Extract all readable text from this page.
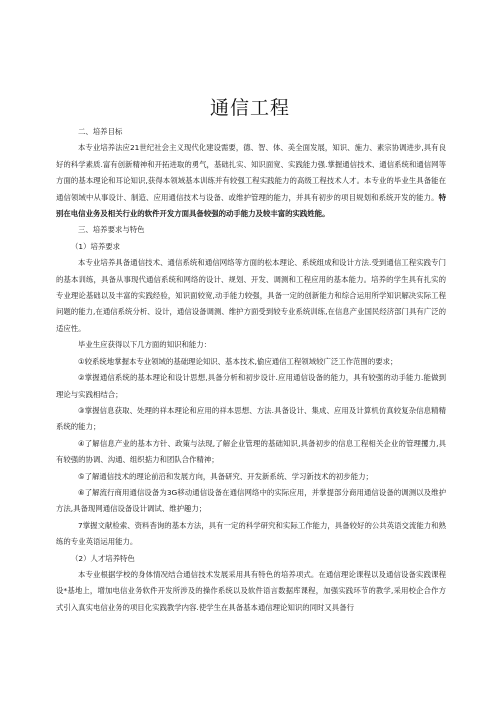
通信工程

二、培养目标

本专业培养法应21世纪社会主义现代化建设需要，德、智、体、美全面发展，知识、施力、素宗协调进步,具有良好的科学素质.富有创新精神和开拓进取的勇气，基础扎实、知识面宽、实践能力强.掌握通信技术、通信系统和通信网等方面的基本理论和耳论知识,获得本领域基本训练并有较强工程实践能力的高级工程技术人才。本专业的毕业生具备能在通信领域中从事设计、制造、应用通信技术与设备、或维护管理的能力，并具有初步的项目规划和系统开发的能力。特别在电信业务及相关行业的软件开发方面具备较强的动手能力及较丰富的实践姓能。

三、培养要求与特色

（1）培养要求

本专业培养具备通信技术、通信系统和通信网络等方面的松本理论、系统组成和设计方法.受到通信工程实践专门的基本训练，具备从事现代通信系统和网络的设计、规划、开发、调测和工程应用的基本能力。培养的学生具有扎实的专业理论基础以及丰富的实践经验，知识面较宽,动手能力较强，具备一定的创新能力和综合运用所学知识解决实际工程问题的能力,在通信系统分析、设计，通信设备调测、维护方面受到较专业系统训练,在信息产业国民经济部门具有广泛的适应性。

毕业生应获得以下几方面的知识和能力：

①较系统地掌握本专业领域的基础理论知识、基本技术,偷应通信工程领域较广泛工作范围的要求；

②掌握通信系统的基本理论和设计思想,具备分析和初步设计.应用通信设备的能力，具有较强的动手能力.能做到理论与实践相结合；

③掌握信息获取、处理的祥本理论和应用的祥本思想、方法.具备设计、集成、应用及计算机仿真较复杂信息精精系统的能力；

④了解信息产业的基本方针、政策与法现,了解企业管理的基础知识,具备初步的信息工程相关企业的管理攫力,具有较强的协调、沟通、组织掂力和团队合作精神；

⑤了解通信技术的理论前沿和发展方向，具备研究、开发新系统、学习新技术的初步能力；

⑥了解流行商用通信设备为3G移动通信设备在通信网络中的实际应用，并掌提部分商用通信设备的调测以及维护方法,具备现网通信设备设计调试、维护趣力；

7掌握文献检索、资料杳询的基本方法，具有一定的科学研究和实际工作能力，具备较好的公共英语交流能力和熟练的专业英语运用能力。

（2）人才培养特色

本专业根据学校的身体情况结合通信技术发展采用具有特色的培养项式。在通信理论课程以及通信设备实践课程设*基地上，增加电信业务软件开发所涉及的操作系统以及软件语言数据库课程，加强实践环节的教学,采用校企合作方式引入真实电信业务的项目化实践教学内容.使学生在具备基本通信理论知识的同时又具备行
